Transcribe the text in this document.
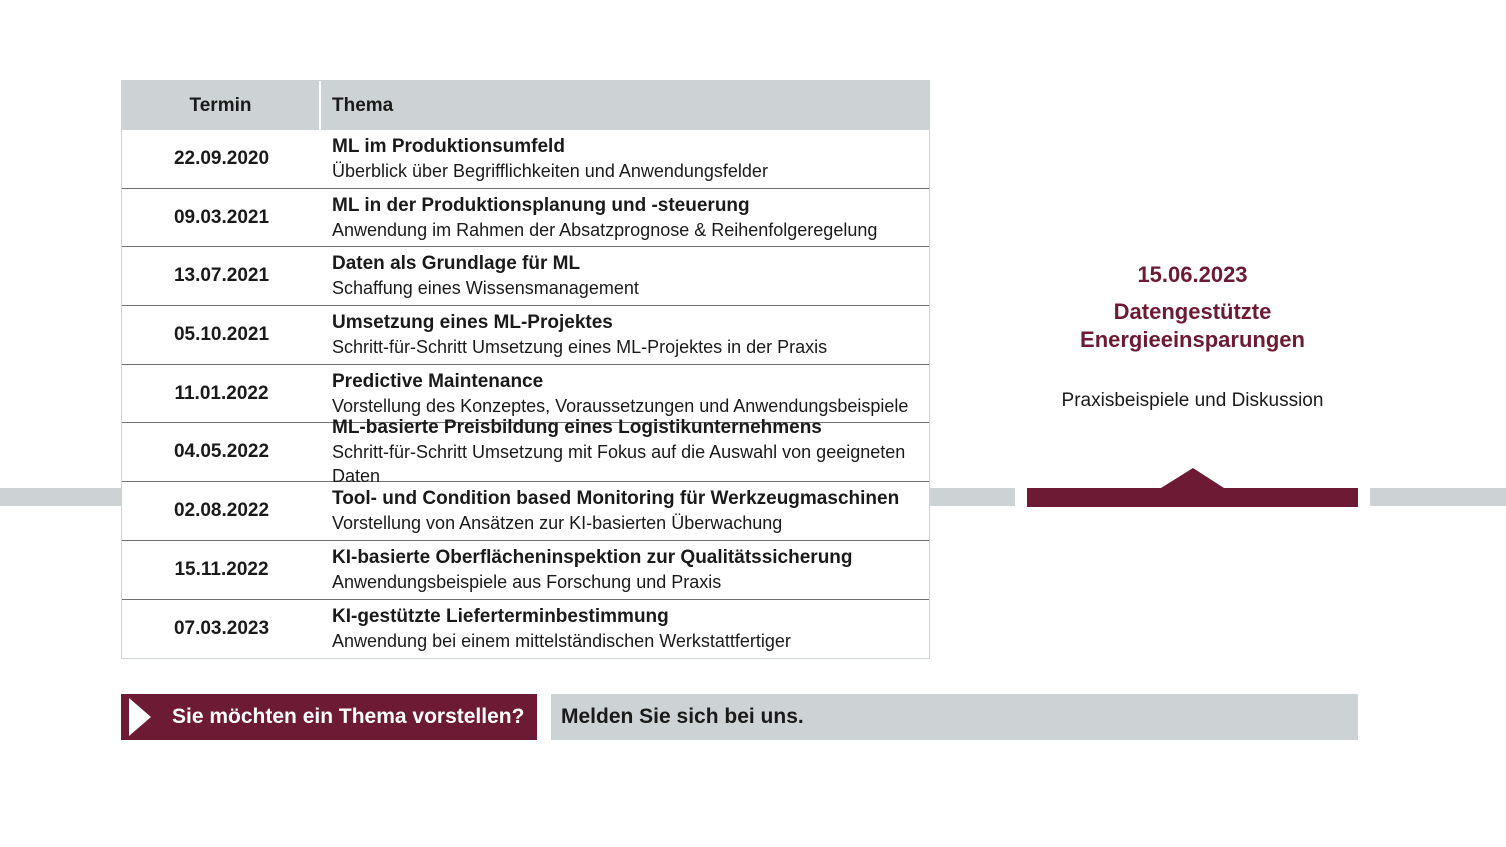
Termin	Thema
22.09.2020
ML im Produktionsumfeld
Überblick über Begrifflichkeiten und Anwendungsfelder
09.03.2021
ML in der Produktionsplanung und -steuerung
Anwendung im Rahmen der Absatzprognose & Reihenfolgeregelung
13.07.2021
Daten als Grundlage für ML
Schaffung eines Wissensmanagement
05.10.2021
Umsetzung eines ML-Projektes
Schritt-für-Schritt Umsetzung eines ML-Projektes in der Praxis
11.01.2022
Predictive Maintenance
Vorstellung des Konzeptes, Voraussetzungen und Anwendungsbeispiele
04.05.2022
ML-basierte Preisbildung eines Logistikunternehmens
Schritt-für-Schritt Umsetzung mit Fokus auf die Auswahl von geeigneten Daten
02.08.2022
Tool- und Condition based Monitoring für Werkzeugmaschinen
Vorstellung von Ansätzen zur KI-basierten Überwachung
15.11.2022
KI-basierte Oberflächeninspektion zur Qualitätssicherung
Anwendungsbeispiele aus Forschung und Praxis
07.03.2023
KI-gestützte Lieferterminbestimmung
Anwendung bei einem mittelständischen Werkstattfertiger
15.06.2023
Datengestützte
Energieeinsparungen
Praxisbeispiele und Diskussion
Sie möchten ein Thema vorstellen? Melden Sie sich bei uns.
